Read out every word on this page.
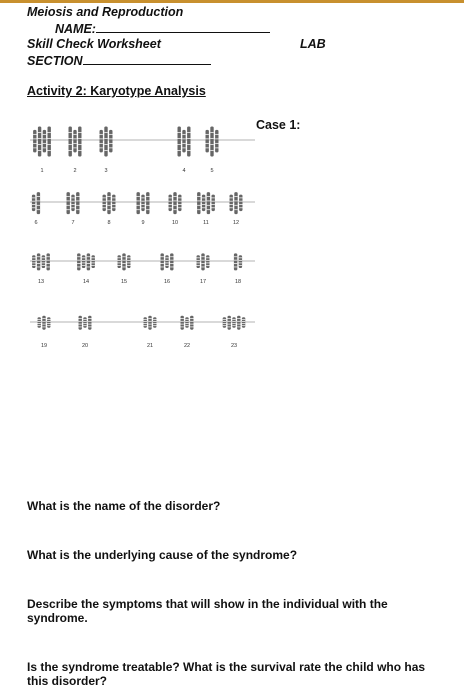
Meiosis and Reproduction
NAME:
Skill Check Worksheet	LAB
SECTION
Activity 2: Karyotype Analysis
Case 1:
1	2	3	4	5
6	7	8	9	10	11	12
13	14	15	16	17	18
19	20	21	22	23
What is the name of the disorder?
What is the underlying cause of the syndrome?
Describe the symptoms that will show in the individual with the syndrome.
Is the syndrome treatable? What is the survival rate the child who has this disorder?
